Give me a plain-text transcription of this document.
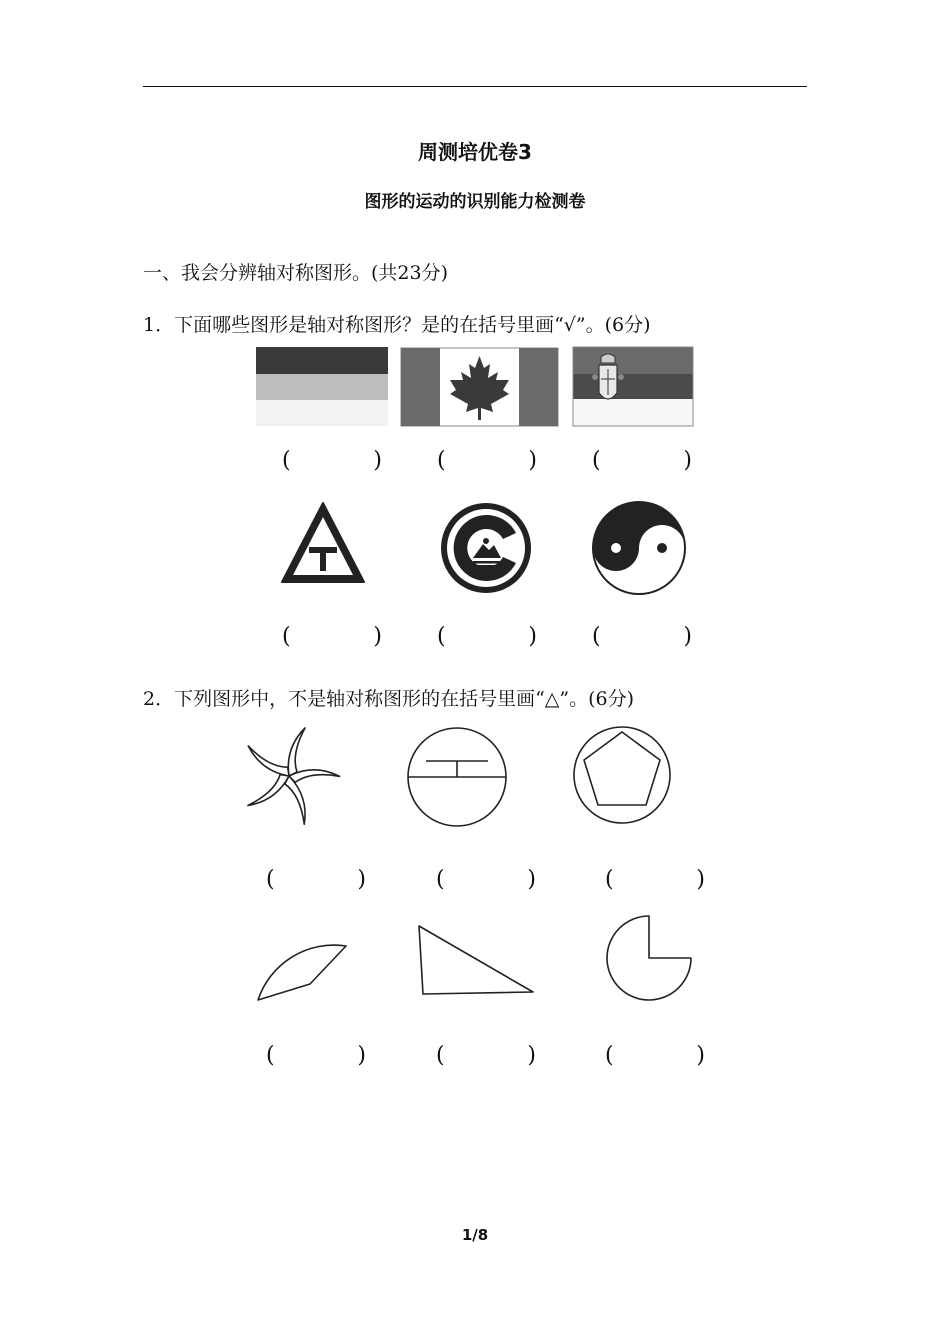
周测培优卷3
图形的运动的识别能力检测卷
一、我会分辨轴对称图形。(共23分)
1．下面哪些图形是轴对称图形？是的在括号里画“√”。(6分)
(	)	(	)	(	)
(	)	(	)	(	)
2．下列图形中，不是轴对称图形的在括号里画“△”。(6分)
(	)	(	)	(	)
(	)	(	)	(	)
1/8
